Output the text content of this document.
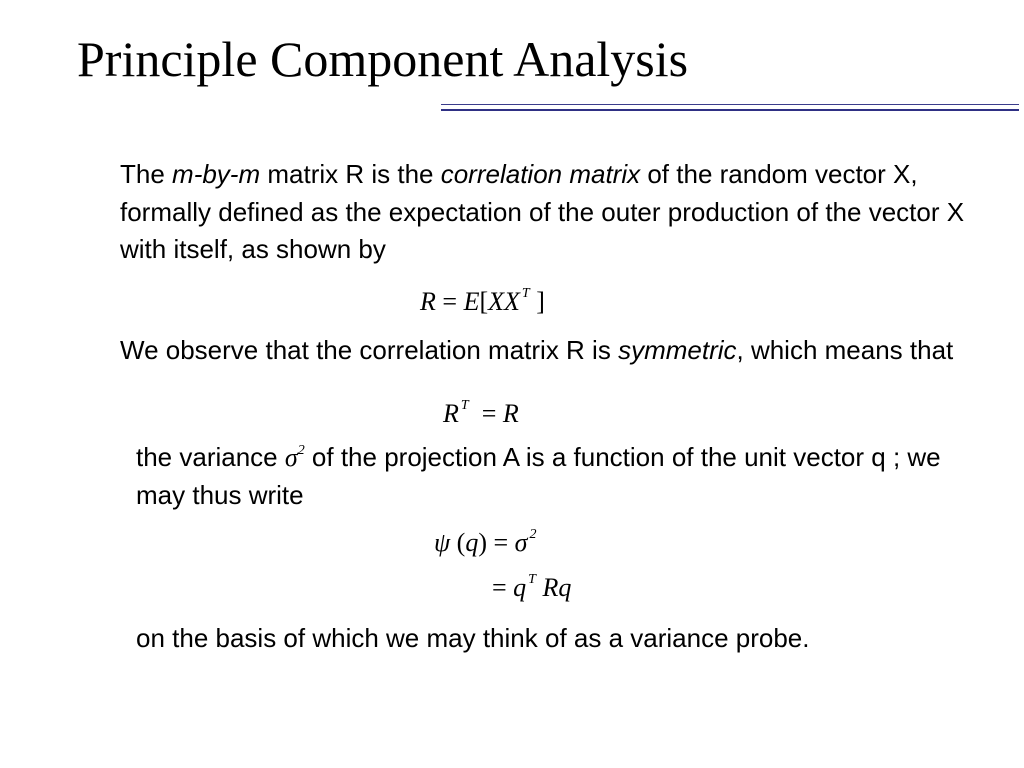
Principle Component Analysis

The m-by-m matrix R is the correlation matrix of the random vector X, formally defined as the expectation of the outer production of the vector X with itself, as shown by

R = E[XX $^T$ ]

We observe that the correlation matrix R is symmetric, which means that

R $^T$  = R

the variance $\sigma^2$ of the projection A is a function of the unit vector q ; we may thus write

ψ (q) = σ $^2$
= q $^T$ Rq

on the basis of which we may think of as a variance probe.
